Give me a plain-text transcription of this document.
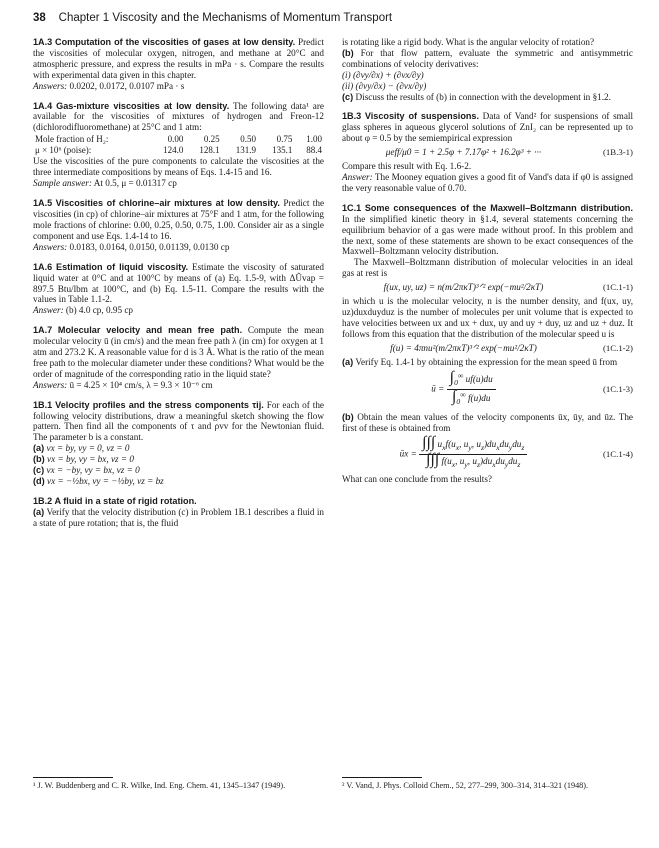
38 Chapter 1 Viscosity and the Mechanisms of Momentum Transport

1A.3 Computation of the viscosities of gases at low density. Predict the viscosities of molecular oxygen, nitrogen, and methane at 20°C and atmospheric pressure, and express the results in mPa · s. Compare the results with experimental data given in this chapter.

Answers: 0.0202, 0.0172, 0.0107 mPa · s

1A.4 Gas-mixture viscosities at low density. The following data¹ are available for the viscosities of mixtures of hydrogen and Freon-12 (dichlorodifluoromethane) at 25°C and 1 atm:

Mole fraction of H₂:	0.00	0.25	0.50	0.75	1.00
μ × 10⁶ (poise):	124.0	128.1	131.9	135.1	88.4

Use the viscosities of the pure components to calculate the viscosities at the three intermediate compositions by means of Eqs. 1.4-15 and 16.

Sample answer: At 0.5, μ = 0.01317 cp

1A.5 Viscosities of chlorine–air mixtures at low density. Predict the viscosities (in cp) of chlorine–air mixtures at 75°F and 1 atm, for the following mole fractions of chlorine: 0.00, 0.25, 0.50, 0.75, 1.00. Consider air as a single component and use Eqs. 1.4-14 to 16.

Answers: 0.0183, 0.0164, 0.0150, 0.01139, 0.0130 cp

1A.6 Estimation of liquid viscosity. Estimate the viscosity of saturated liquid water at 0°C and at 100°C by means of (a) Eq. 1.5-9, with ΔÛvap = 897.5 Btu/lbm at 100°C, and (b) Eq. 1.5-11. Compare the results with the values in Table 1.1-2.

Answer: (b) 4.0 cp, 0.95 cp

1A.7 Molecular velocity and mean free path. Compute the mean molecular velocity ū (in cm/s) and the mean free path λ (in cm) for oxygen at 1 atm and 273.2 K. A reasonable value for d is 3 Å. What is the ratio of the mean free path to the molecular diameter under these conditions? What would be the order of magnitude of the corresponding ratio in the liquid state?

Answers: ū = 4.25 × 10⁴ cm/s, λ = 9.3 × 10⁻⁶ cm

1B.1 Velocity profiles and the stress components τij. For each of the following velocity distributions, draw a meaningful sketch showing the flow pattern. Then find all the components of τ and ρvv for the Newtonian fluid. The parameter b is a constant.

(a) vx = by, vy = 0, vz = 0
(b) vx = by, vy = bx, vz = 0
(c) vx = −by, vy = bx, vz = 0
(d) vx = −½bx, vy = −½by, vz = bz

1B.2 A fluid in a state of rigid rotation.

(a) Verify that the velocity distribution (c) in Problem 1B.1 describes a fluid in a state of pure rotation; that is, the fluid

is rotating like a rigid body. What is the angular velocity of rotation?

(b) For that flow pattern, evaluate the symmetric and antisymmetric combinations of velocity derivatives:

(i) (∂vy/∂x) + (∂vx/∂y)

(ii) (∂vy/∂x) − (∂vx/∂y)

(c) Discuss the results of (b) in connection with the development in §1.2.

1B.3 Viscosity of suspensions. Data of Vand² for suspensions of small glass spheres in aqueous glycerol solutions of ZnI₂ can be represented up to about φ = 0.5 by the semiempirical expression

μeff/μ0 = 1 + 2.5φ + 7.17φ² + 16.2φ³ + ···	(1B.3-1)

Compare this result with Eq. 1.6-2.

Answer: The Mooney equation gives a good fit of Vand's data if φ0 is assigned the very reasonable value of 0.70.

1C.1 Some consequences of the Maxwell–Boltzmann distribution. In the simplified kinetic theory in §1.4, several statements concerning the equilibrium behavior of a gas were made without proof. In this problem and the next, some of these statements are shown to be exact consequences of the Maxwell–Boltzmann velocity distribution.

The Maxwell–Boltzmann distribution of molecular velocities in an ideal gas at rest is

f(ux, uy, uz) = n(m/2πκT)³ᐟ² exp(−mu²/2κT)	(1C.1-1)

in which u is the molecular velocity, n is the number density, and f(ux, uy, uz)duxduyduz is the number of molecules per unit volume that is expected to have velocities between ux and ux + dux, uy and uy + duy, uz and uz + duz. It follows from this equation that the distribution of the molecular speed u is

f(u) = 4πnu²(m/2πκT)³ᐟ² exp(−mu²/2κT)	(1C.1-2)

(a) Verify Eq. 1.4-1 by obtaining the expression for the mean speed ū from

ū = $\frac{\int_0^\infty uf(u)du}{\int_0^\infty f(u)du}$	(1C.1-3)

(b) Obtain the mean values of the velocity components ūx, ūy, and ūz. The first of these is obtained from

ūx = $\frac{\int\int\int u_xf(u_x, u_y, u_z)du_xdu_ydu_z}{\int\int\int f(u_x, u_y, u_z)du_xdu_ydu_z}$	(1C.1-4)

What can one conclude from the results?

¹ J. W. Buddenberg and C. R. Wilke, Ind. Eng. Chem. 41, 1345–1347 (1949).	² V. Vand, J. Phys. Colloid Chem., 52, 277–299, 300–314, 314–321 (1948).
